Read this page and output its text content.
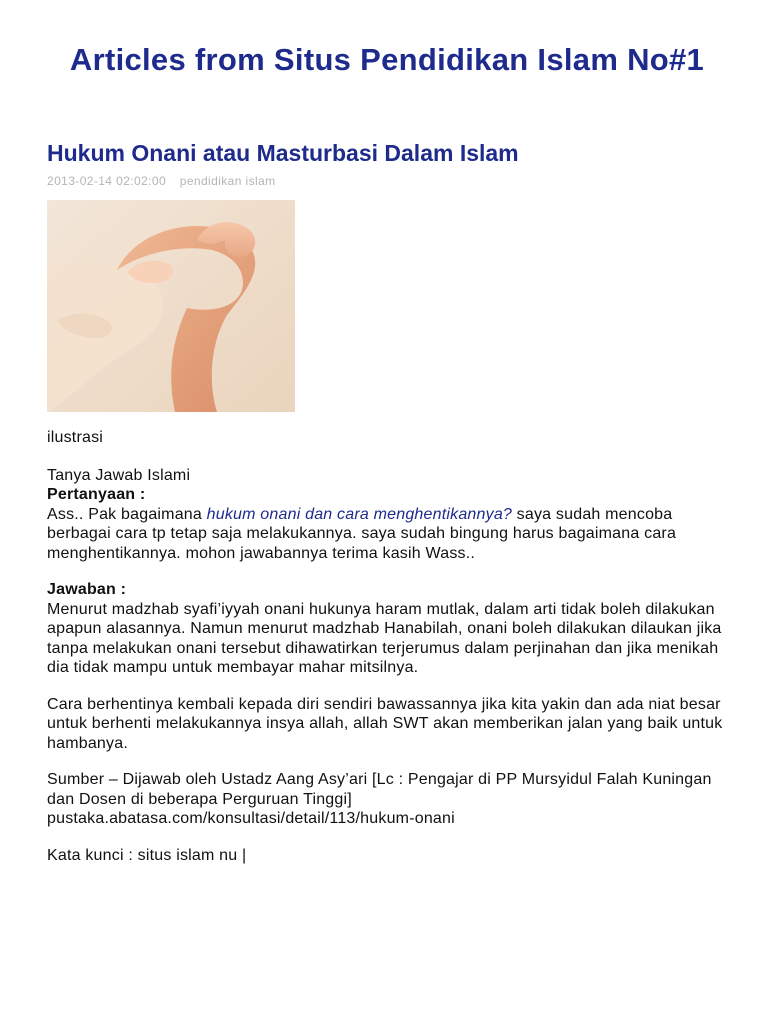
Articles from Situs Pendidikan Islam No#1
Hukum Onani atau Masturbasi Dalam Islam
2013-02-14 02:02:00 pendidikan islam

ilustrasi

Tanya Jawab Islami

Pertanyaan :

Ass.. Pak bagaimana hukum onani dan cara menghentikannya? saya sudah mencoba berbagai cara tp tetap saja melakukannya. saya sudah bingung harus bagaimana cara menghentikannya. mohon jawabannya terima kasih Wass..

Jawaban :

Menurut madzhab syafi’iyyah onani hukunya haram mutlak, dalam arti tidak boleh dilakukan apapun alasannya. Namun menurut madzhab Hanabilah, onani boleh dilakukan dilaukan jika tanpa melakukan onani tersebut dihawatirkan terjerumus dalam perjinahan dan jika menikah dia tidak mampu untuk membayar mahar mitsilnya.

Cara berhentinya kembali kepada diri sendiri bawassannya jika kita yakin dan ada niat besar untuk berhenti melakukannya insya allah, allah SWT akan memberikan jalan yang baik untuk hambanya.

Sumber – Dijawab oleh Ustadz Aang Asy’ari [Lc : Pengajar di PP Mursyidul Falah Kuningan dan Dosen di beberapa Perguruan Tinggi]

pustaka.abatasa.com/konsultasi/detail/113/hukum-onani

Kata kunci : situs islam nu |
